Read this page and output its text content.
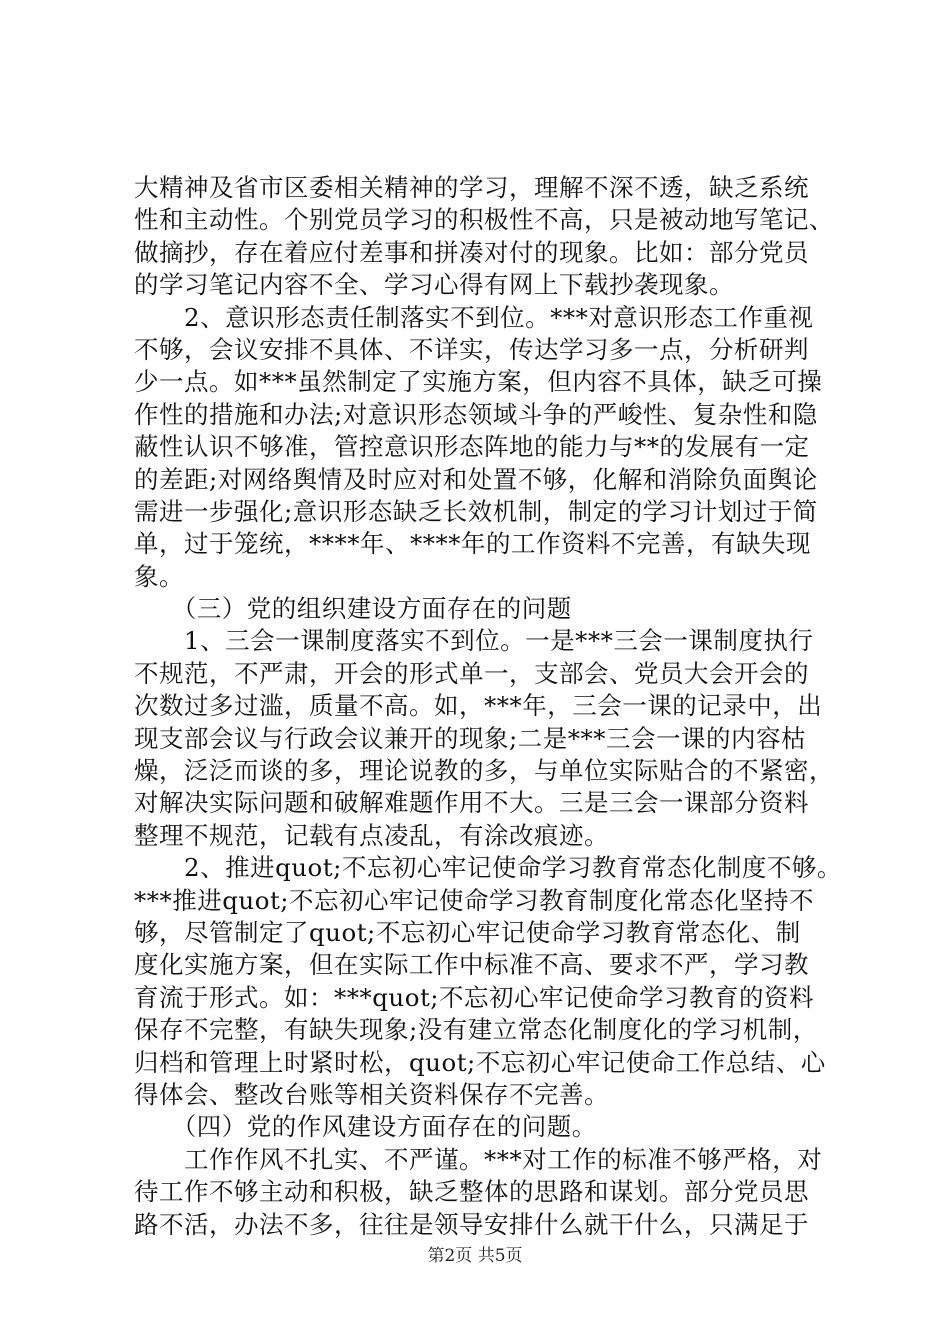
大精神及省市区委相关精神的学习，理解不深不透，缺乏系统
性和主动性。个别党员学习的积极性不高，只是被动地写笔记、
做摘抄，存在着应付差事和拼凑对付的现象。比如：部分党员
的学习笔记内容不全、学习心得有网上下载抄袭现象。
　　2、意识形态责任制落实不到位。***对意识形态工作重视
不够，会议安排不具体、不详实，传达学习多一点，分析研判
少一点。如***虽然制定了实施方案，但内容不具体，缺乏可操
作性的措施和办法;对意识形态领域斗争的严峻性、复杂性和隐
蔽性认识不够准，管控意识形态阵地的能力与**的发展有一定
的差距;对网络舆情及时应对和处置不够，化解和消除负面舆论
需进一步强化;意识形态缺乏长效机制，制定的学习计划过于简
单，过于笼统，****年、****年的工作资料不完善，有缺失现
象。
　　（三）党的组织建设方面存在的问题
　　1、三会一课制度落实不到位。一是***三会一课制度执行
不规范，不严肃，开会的形式单一，支部会、党员大会开会的
次数过多过滥，质量不高。如，***年，三会一课的记录中，出
现支部会议与行政会议兼开的现象;二是***三会一课的内容枯
燥，泛泛而谈的多，理论说教的多，与单位实际贴合的不紧密，
对解决实际问题和破解难题作用不大。三是三会一课部分资料
整理不规范，记载有点凌乱，有涂改痕迹。
　　2、推进quot;不忘初心牢记使命学习教育常态化制度不够。
***推进quot;不忘初心牢记使命学习教育制度化常态化坚持不
够，尽管制定了quot;不忘初心牢记使命学习教育常态化、制
度化实施方案，但在实际工作中标准不高、要求不严，学习教
育流于形式。如：***quot;不忘初心牢记使命学习教育的资料
保存不完整，有缺失现象;没有建立常态化制度化的学习机制，
归档和管理上时紧时松，quot;不忘初心牢记使命工作总结、心
得体会、整改台账等相关资料保存不完善。
　　（四）党的作风建设方面存在的问题。
　　工作作风不扎实、不严谨。***对工作的标准不够严格，对
待工作不够主动和积极，缺乏整体的思路和谋划。部分党员思
路不活，办法不多，往往是领导安排什么就干什么，只满足于
第2页 共5页
